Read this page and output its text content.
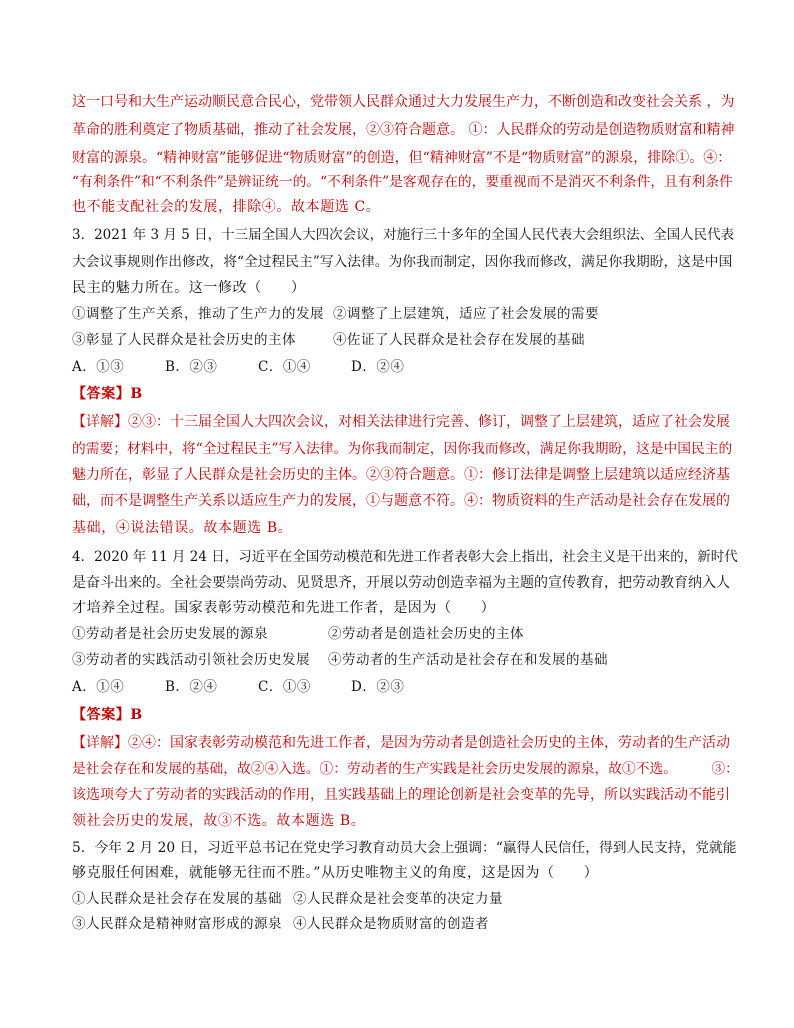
这一口号和大生产运动顺民意合民心，党带领人民群众通过大力发展生产力，不断创造和改变社会关系 ，为
革命的胜利奠定了物质基础，推动了社会发展，②③符合题意。 ①：人民群众的劳动是创造物质财富和精神
财富的源泉。“精神财富”能够促进“物质财富”的创造，但“精神财富”不是“物质财富”的源泉，排除①。④：
“有利条件”和“不利条件”是辨证统一的。“不利条件”是客观存在的，要重视而不是消灭不利条件，且有利条件
也不能支配社会的发展，排除④。故本题选 C。
3．2021 年 3 月 5 日，十三届全国人大四次会议，对施行三十多年的全国人民代表大会组织法、全国人民代表
大会议事规则作出修改，将“全过程民主”写入法律。为你我而制定，因你我而修改，满足你我期盼，这是中国
民主的魅力所在。这一修改（　　）
①调整了生产关系，推动了生产力的发展 ②调整了上层建筑，适应了社会发展的需要
③彰显了人民群众是社会历史的主体	④佐证了人民群众是社会存在发展的基础
A．①③	B．②③	C．①④	D．②④
【答案】B
【详解】②③：十三届全国人大四次会议，对相关法律进行完善、修订，调整了上层建筑，适应了社会发展
的需要；材料中，将“全过程民主”写入法律。为你我而制定，因你我而修改，满足你我期盼，这是中国民主的
魅力所在，彰显了人民群众是社会历史的主体。②③符合题意。①：修订法律是调整上层建筑以适应经济基
础，而不是调整生产关系以适应生产力的发展，①与题意不符。④：物质资料的生产活动是社会存在发展的
基础，④说法错误。故本题选 B。
4．2020 年 11 月 24 日，习近平在全国劳动模范和先进工作者表彰大会上指出，社会主义是干出来的，新时代
是奋斗出来的。全社会要崇尚劳动、见贤思齐，开展以劳动创造幸福为主题的宣传教育，把劳动教育纳入人
才培养全过程。国家表彰劳动模范和先进工作者，是因为（　　）
①劳动者是社会历史发展的源泉	②劳动者是创造社会历史的主体
③劳动者的实践活动引领社会历史发展 ④劳动者的生产活动是社会存在和发展的基础
A．①④	B．②④	C．①③	D．②③
【答案】B
【详解】②④：国家表彰劳动模范和先进工作者，是因为劳动者是创造社会历史的主体，劳动者的生产活动
是社会存在和发展的基础，故②④入选。①：劳动者的生产实践是社会历史发展的源泉，故①不选。　　　③：
该选项夸大了劳动者的实践活动的作用，且实践基础上的理论创新是社会变革的先导，所以实践活动不能引
领社会历史的发展，故③不选。故本题选 B。
5．今年 2 月 20 日，习近平总书记在党史学习教育动员大会上强调：“赢得人民信任，得到人民支持，党就能
够克服任何困难，就能够无往而不胜。”从历史唯物主义的角度，这是因为（　　）
①人民群众是社会存在发展的基础 ②人民群众是社会变革的决定力量
③人民群众是精神财富形成的源泉 ④人民群众是物质财富的创造者
